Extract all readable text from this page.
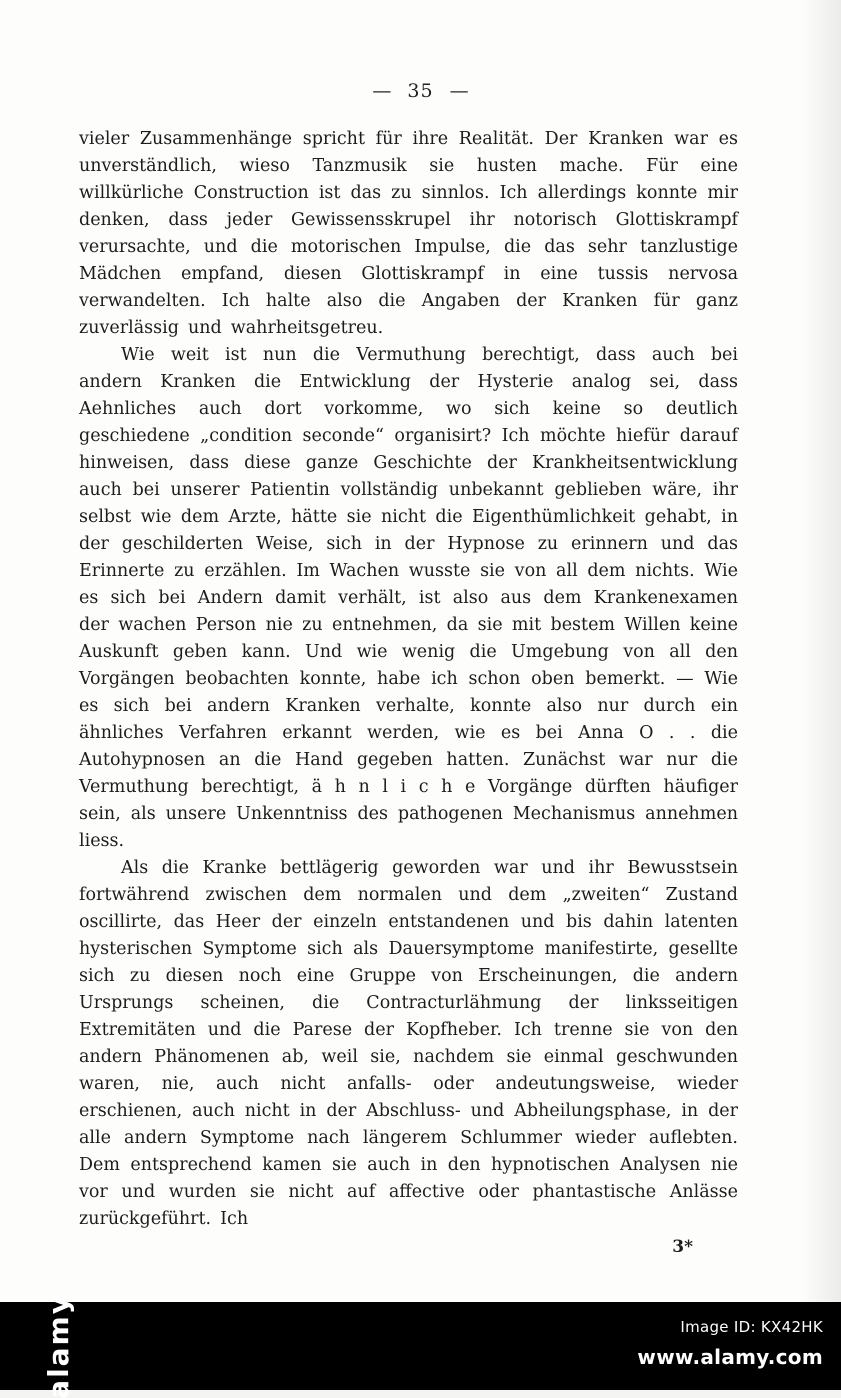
— 35 —

vieler Zusammenhänge spricht für ihre Realität. Der Kranken war es unverständlich, wieso Tanzmusik sie husten mache. Für eine willkürliche Construction ist das zu sinnlos. Ich allerdings konnte mir denken, dass jeder Gewissensskrupel ihr notorisch Glottiskrampf verursachte, und die motorischen Impulse, die das sehr tanzlustige Mädchen empfand, diesen Glottiskrampf in eine tussis nervosa verwandelten. Ich halte also die Angaben der Kranken für ganz zuverlässig und wahrheitsgetreu.

Wie weit ist nun die Vermuthung berechtigt, dass auch bei andern Kranken die Entwicklung der Hysterie analog sei, dass Aehnliches auch dort vorkomme, wo sich keine so deutlich geschiedene „condition seconde“ organisirt? Ich möchte hiefür darauf hinweisen, dass diese ganze Geschichte der Krankheitsentwicklung auch bei unserer Patientin vollständig unbekannt geblieben wäre, ihr selbst wie dem Arzte, hätte sie nicht die Eigenthümlichkeit gehabt, in der geschilderten Weise, sich in der Hypnose zu erinnern und das Erinnerte zu erzählen. Im Wachen wusste sie von all dem nichts. Wie es sich bei Andern damit verhält, ist also aus dem Krankenexamen der wachen Person nie zu entnehmen, da sie mit bestem Willen keine Auskunft geben kann. Und wie wenig die Umgebung von all den Vorgängen beobachten konnte, habe ich schon oben bemerkt. — Wie es sich bei andern Kranken verhalte, konnte also nur durch ein ähnliches Verfahren erkannt werden, wie es bei Anna O . . die Autohypnosen an die Hand gegeben hatten. Zunächst war nur die Vermuthung berechtigt, ä h n l i c h e Vorgänge dürften häufiger sein, als unsere Unkenntniss des pathogenen Mechanismus annehmen liess.

Als die Kranke bettlägerig geworden war und ihr Bewusstsein fortwährend zwischen dem normalen und dem „zweiten“ Zustand oscillirte, das Heer der einzeln entstandenen und bis dahin latenten hysterischen Symptome sich als Dauersymptome manifestirte, gesellte sich zu diesen noch eine Gruppe von Erscheinungen, die andern Ursprungs scheinen, die Contracturlähmung der linksseitigen Extremitäten und die Parese der Kopfheber. Ich trenne sie von den andern Phänomenen ab, weil sie, nachdem sie einmal geschwunden waren, nie, auch nicht anfalls- oder andeutungsweise, wieder erschienen, auch nicht in der Abschluss- und Abheilungsphase, in der alle andern Symptome nach längerem Schlummer wieder auflebten. Dem entsprechend kamen sie auch in den hypnotischen Analysen nie vor und wurden sie nicht auf affective oder phantastische Anlässe zurückgeführt. Ich

3*
alamy	Image ID: KX42HK
www.alamy.com
